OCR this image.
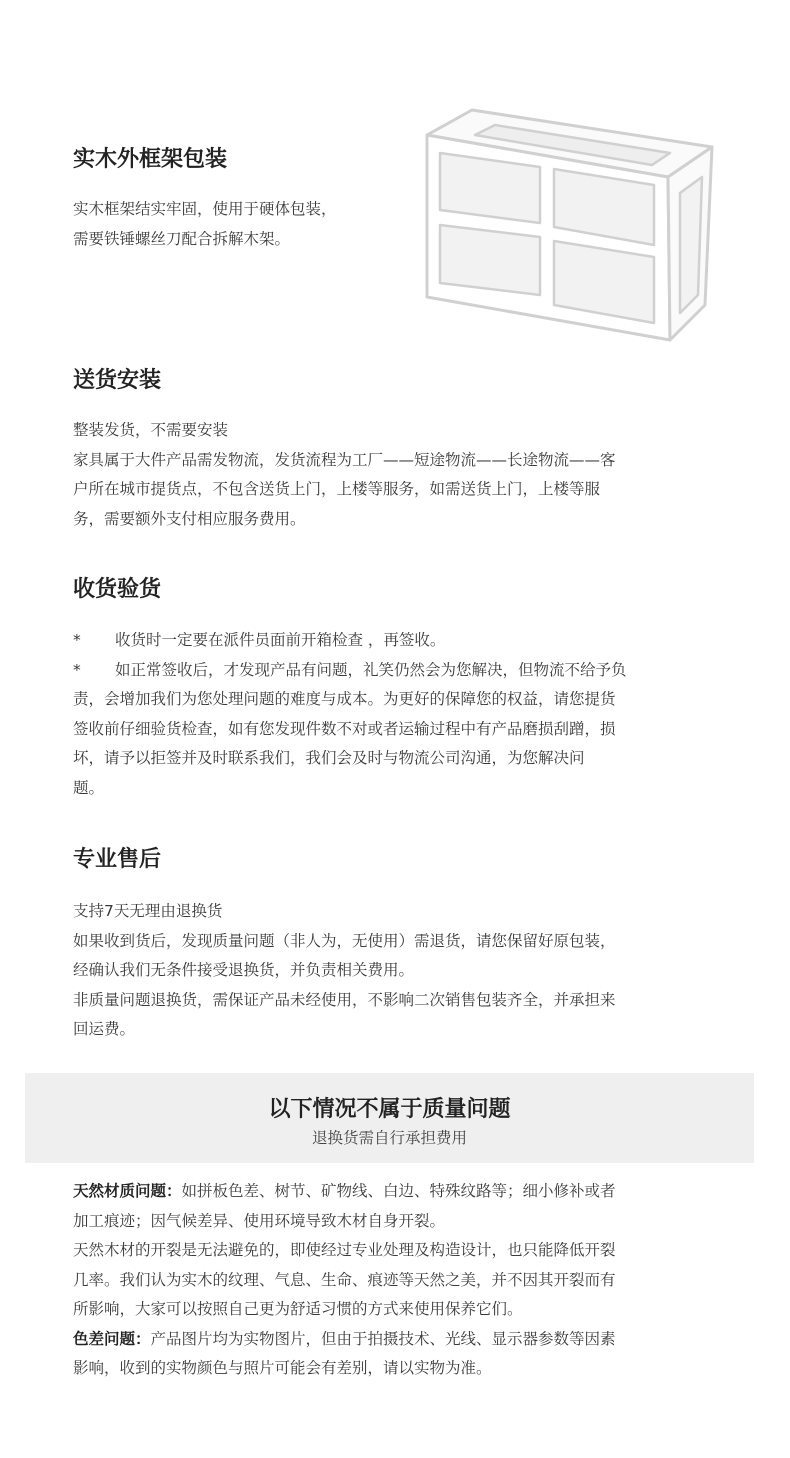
实木外框架包装

实木框架结实牢固，使用于硬体包装，

需要铁锤螺丝刀配合拆解木架。

送货安装

整装发货，不需要安装

家具属于大件产品需发物流，发货流程为工厂——短途物流——长途物流——客

户所在城市提货点，不包含送货上门，上楼等服务，如需送货上门，上楼等服

务，需要额外支付相应服务费用。

收货验货

* 收货时一定要在派件员面前开箱检查 ，再签收。

* 如正常签收后，才发现产品有问题，礼笑仍然会为您解决，但物流不给予负

责，会增加我们为您处理问题的难度与成本。为更好的保障您的权益，请您提货

签收前仔细验货检查，如有您发现件数不对或者运输过程中有产品磨损刮蹭，损

坏，请予以拒签并及时联系我们，我们会及时与物流公司沟通，为您解决问

题。

专业售后

支持7天无理由退换货

如果收到货后，发现质量问题（非人为，无使用）需退货，请您保留好原包装，

经确认我们无条件接受退换货，并负责相关费用。

非质量问题退换货，需保证产品未经使用，不影响二次销售包装齐全，并承担来

回运费。

以下情况不属于质量问题
退换货需自行承担费用

天然材质问题：如拼板色差、树节、矿物线、白边、特殊纹路等；细小修补或者

加工痕迹；因气候差异、使用环境导致木材自身开裂。

天然木材的开裂是无法避免的，即使经过专业处理及构造设计，也只能降低开裂

几率。我们认为实木的纹理、气息、生命、痕迹等天然之美，并不因其开裂而有

所影响，大家可以按照自己更为舒适习惯的方式来使用保养它们。

色差问题：产品图片均为实物图片，但由于拍摄技术、光线、显示器参数等因素

影响，收到的实物颜色与照片可能会有差别，请以实物为准。
